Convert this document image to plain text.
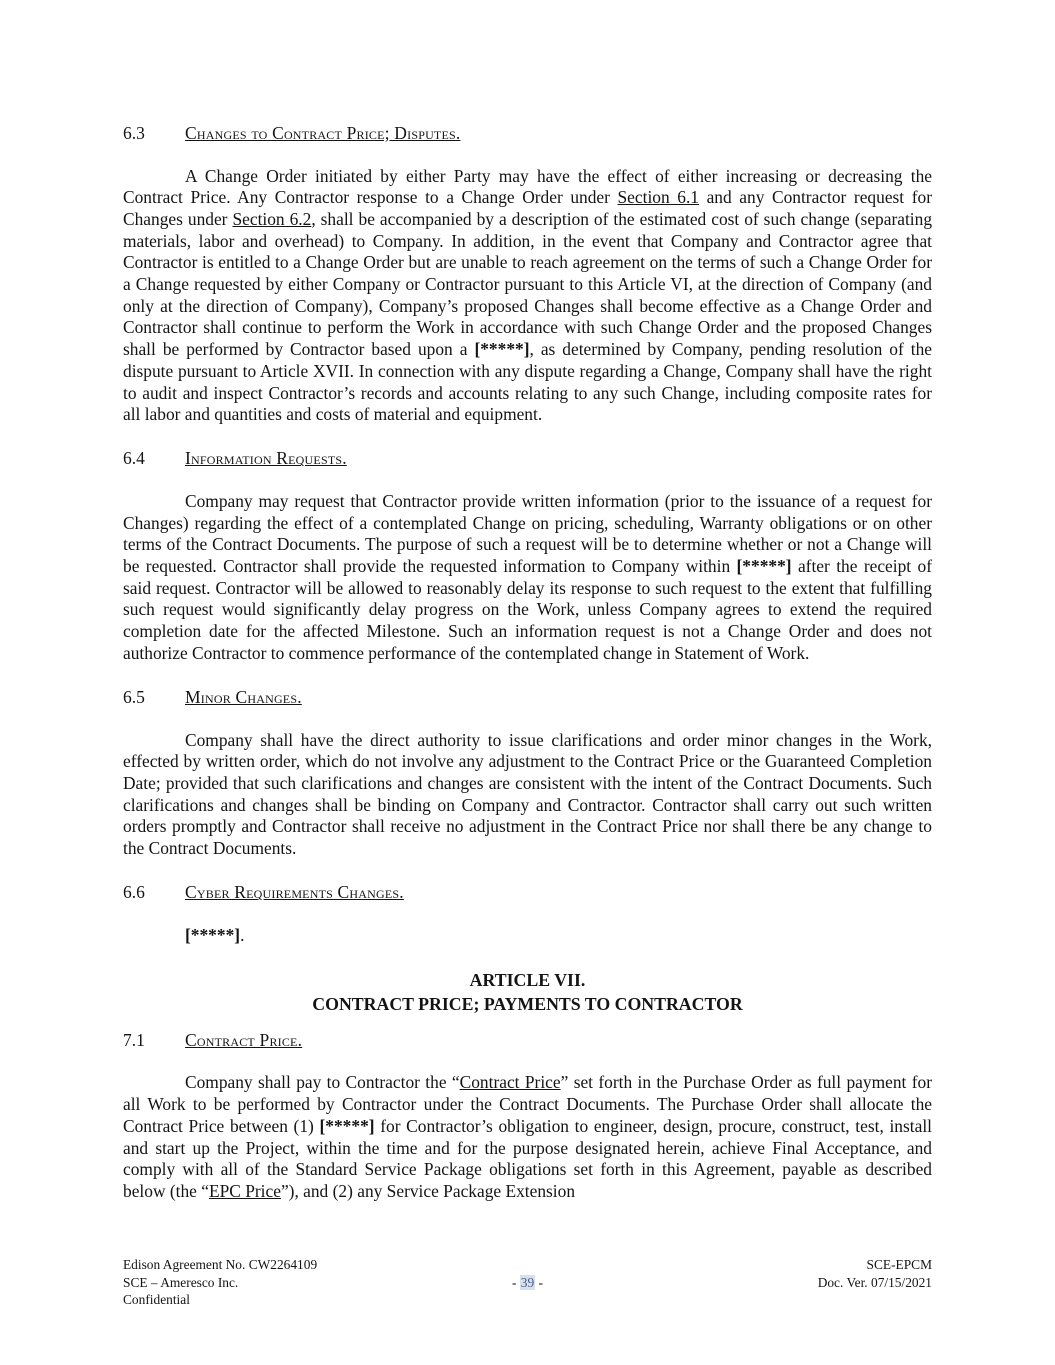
6.3 Changes to Contract Price; Disputes.

A Change Order initiated by either Party may have the effect of either increasing or decreasing the Contract Price. Any Contractor response to a Change Order under Section 6.1 and any Contractor request for Changes under Section 6.2, shall be accompanied by a description of the estimated cost of such change (separating materials, labor and overhead) to Company. In addition, in the event that Company and Contractor agree that Contractor is entitled to a Change Order but are unable to reach agreement on the terms of such a Change Order for a Change requested by either Company or Contractor pursuant to this Article VI, at the direction of Company (and only at the direction of Company), Company’s proposed Changes shall become effective as a Change Order and Contractor shall continue to perform the Work in accordance with such Change Order and the proposed Changes shall be performed by Contractor based upon a [*****], as determined by Company, pending resolution of the dispute pursuant to Article XVII. In connection with any dispute regarding a Change, Company shall have the right to audit and inspect Contractor’s records and accounts relating to any such Change, including composite rates for all labor and quantities and costs of material and equipment.

6.4 Information Requests.

Company may request that Contractor provide written information (prior to the issuance of a request for Changes) regarding the effect of a contemplated Change on pricing, scheduling, Warranty obligations or on other terms of the Contract Documents. The purpose of such a request will be to determine whether or not a Change will be requested. Contractor shall provide the requested information to Company within [*****] after the receipt of said request. Contractor will be allowed to reasonably delay its response to such request to the extent that fulfilling such request would significantly delay progress on the Work, unless Company agrees to extend the required completion date for the affected Milestone. Such an information request is not a Change Order and does not authorize Contractor to commence performance of the contemplated change in Statement of Work.

6.5 Minor Changes.

Company shall have the direct authority to issue clarifications and order minor changes in the Work, effected by written order, which do not involve any adjustment to the Contract Price or the Guaranteed Completion Date; provided that such clarifications and changes are consistent with the intent of the Contract Documents. Such clarifications and changes shall be binding on Company and Contractor. Contractor shall carry out such written orders promptly and Contractor shall receive no adjustment in the Contract Price nor shall there be any change to the Contract Documents.

6.6 Cyber Requirements Changes.

[*****].

ARTICLE VII.
CONTRACT PRICE; PAYMENTS TO CONTRACTOR
7.1 Contract Price.

Company shall pay to Contractor the “Contract Price” set forth in the Purchase Order as full payment for all Work to be performed by Contractor under the Contract Documents. The Purchase Order shall allocate the Contract Price between (1) [*****] for Contractor’s obligation to engineer, design, procure, construct, test, install and start up the Project, within the time and for the purpose designated herein, achieve Final Acceptance, and comply with all of the Standard Service Package obligations set forth in this Agreement, payable as described below (the “EPC Price”), and (2) any Service Package Extension

Edison Agreement No. CW2264109
SCE – Ameresco Inc.
Confidential
- 39 -
SCE-EPCM
Doc. Ver. 07/15/2021
